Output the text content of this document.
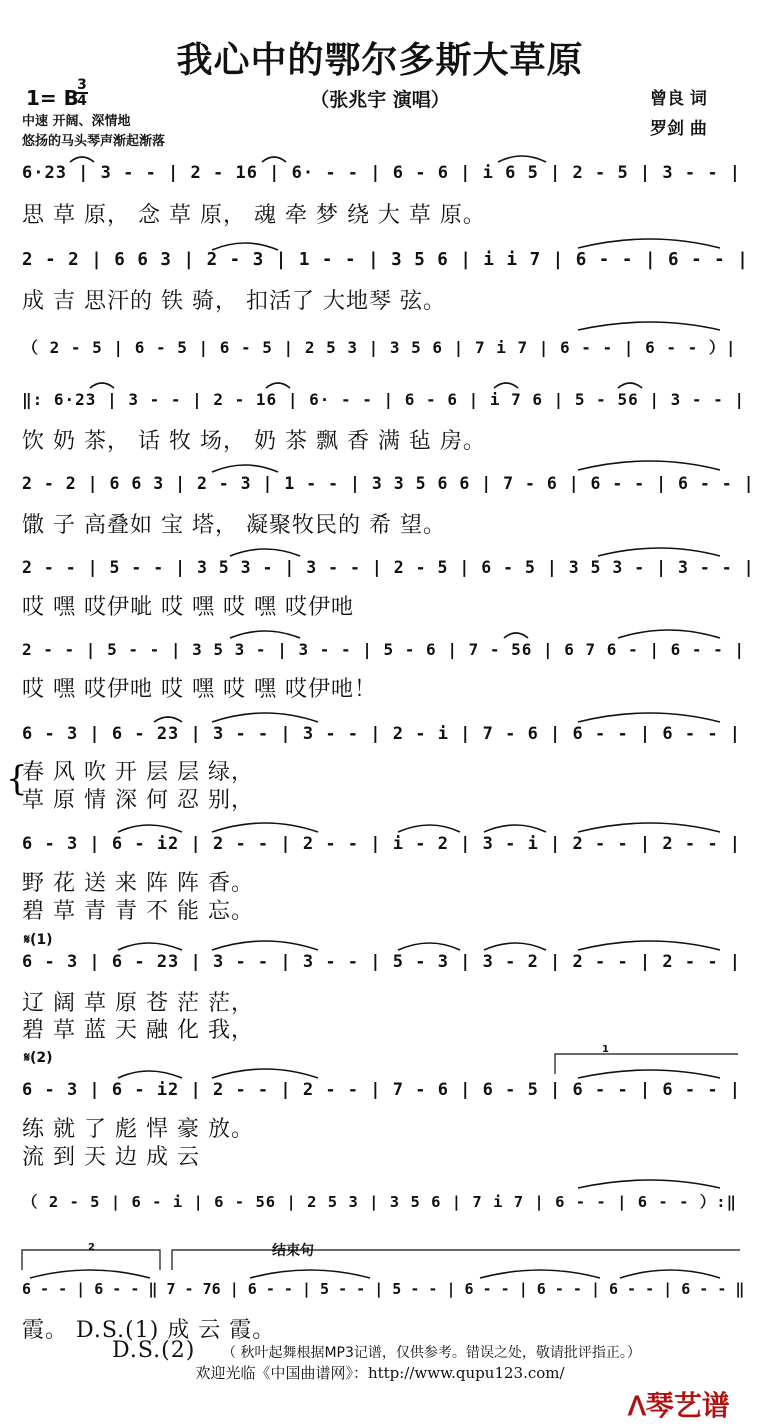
我心中的鄂尔多斯大草原
（张兆宇 演唱）
1= B
3
4
中速 开阔、深情地
悠扬的马头琴声渐起渐落
曾良 词
罗剑 曲
6·23 | 3 - - | 2 - 16 | 6· - - | 6 - 6 | i 6 5 | 2 - 5 | 3 - - |
思 草 原， 念 草 原， 魂 牵 梦 绕 大 草 原。
2 - 2 | 6 6 3 | 2 - 3 | 1 - - | 3 5 6 | i i 7 | 6 - - | 6 - - |
成 吉 思汗的 铁 骑， 扣活了 大地琴 弦。
（ 2 - 5 | 6 - 5 | 6 - 5 | 2 5 3 | 3 5 6 | 7 i 7 | 6 - - | 6 - - ）|
‖: 6·23 | 3 - - | 2 - 16 | 6· - - | 6 - 6 | i 7 6 | 5 - 56 | 3 - - |
饮 奶 茶， 话 牧 场， 奶 茶 飘 香 满 毡 房。
2 - 2 | 6 6 3 | 2 - 3 | 1 - - | 3 3 5 6 6 | 7 - 6 | 6 - - | 6 - - |
馓 子 高叠如 宝 塔， 凝聚牧民的 希 望。
2 - - | 5 - - | 3 5 3 - | 3 - - | 2 - 5 | 6 - 5 | 3 5 3 - | 3 - - |
哎 嘿 哎伊呲 哎 嘿 哎 嘿 哎伊吔
2 - - | 5 - - | 3 5 3 - | 3 - - | 5 - 6 | 7 - 56 | 6 7 6 - | 6 - - |
哎 嘿 哎伊吔 哎 嘿 哎 嘿 哎伊吔！
6 - 3 | 6 - 23 | 3 - - | 3 - - | 2 - i | 7 - 6 | 6 - - | 6 - - |
春 风 吹 开 层 层 绿，
草 原 情 深 何 忍 别，
6 - 3 | 6 - i2 | 2 - - | 2 - - | i - 2 | 3 - i | 2 - - | 2 - - |
野 花 送 来 阵 阵 香。
碧 草 青 青 不 能 忘。
𝄋(1)
6 - 3 | 6 - 23 | 3 - - | 3 - - | 5 - 3 | 3 - 2 | 2 - - | 2 - - |
辽 阔 草 原 苍 茫 茫，
碧 草 蓝 天 融 化 我，
𝄋(2)
1
6 - 3 | 6 - i2 | 2 - - | 2 - - | 7 - 6 | 6 - 5 | 6 - - | 6 - - |
练 就 了 彪 悍 豪 放。
流 到 天 边 成 云
（ 2 - 5 | 6 - i | 6 - 56 | 2 5 3 | 3 5 6 | 7 i 7 | 6 - - | 6 - - ）:‖
2	结束句
6 - - | 6 - - ‖ 7 - 76 | 6 - - | 5 - - | 5 - - | 6 - - | 6 - - | 6 - - | 6 - - ‖
霞。 D.S.(1) 成 云 霞。
D.S.(2)	（ 秋叶起舞根据MP3记谱，仅供参考。错误之处，敬请批评指正。）
欢迎光临《中国曲谱网》：http://www.qupu123.com/
ᐱ琴艺谱
{
